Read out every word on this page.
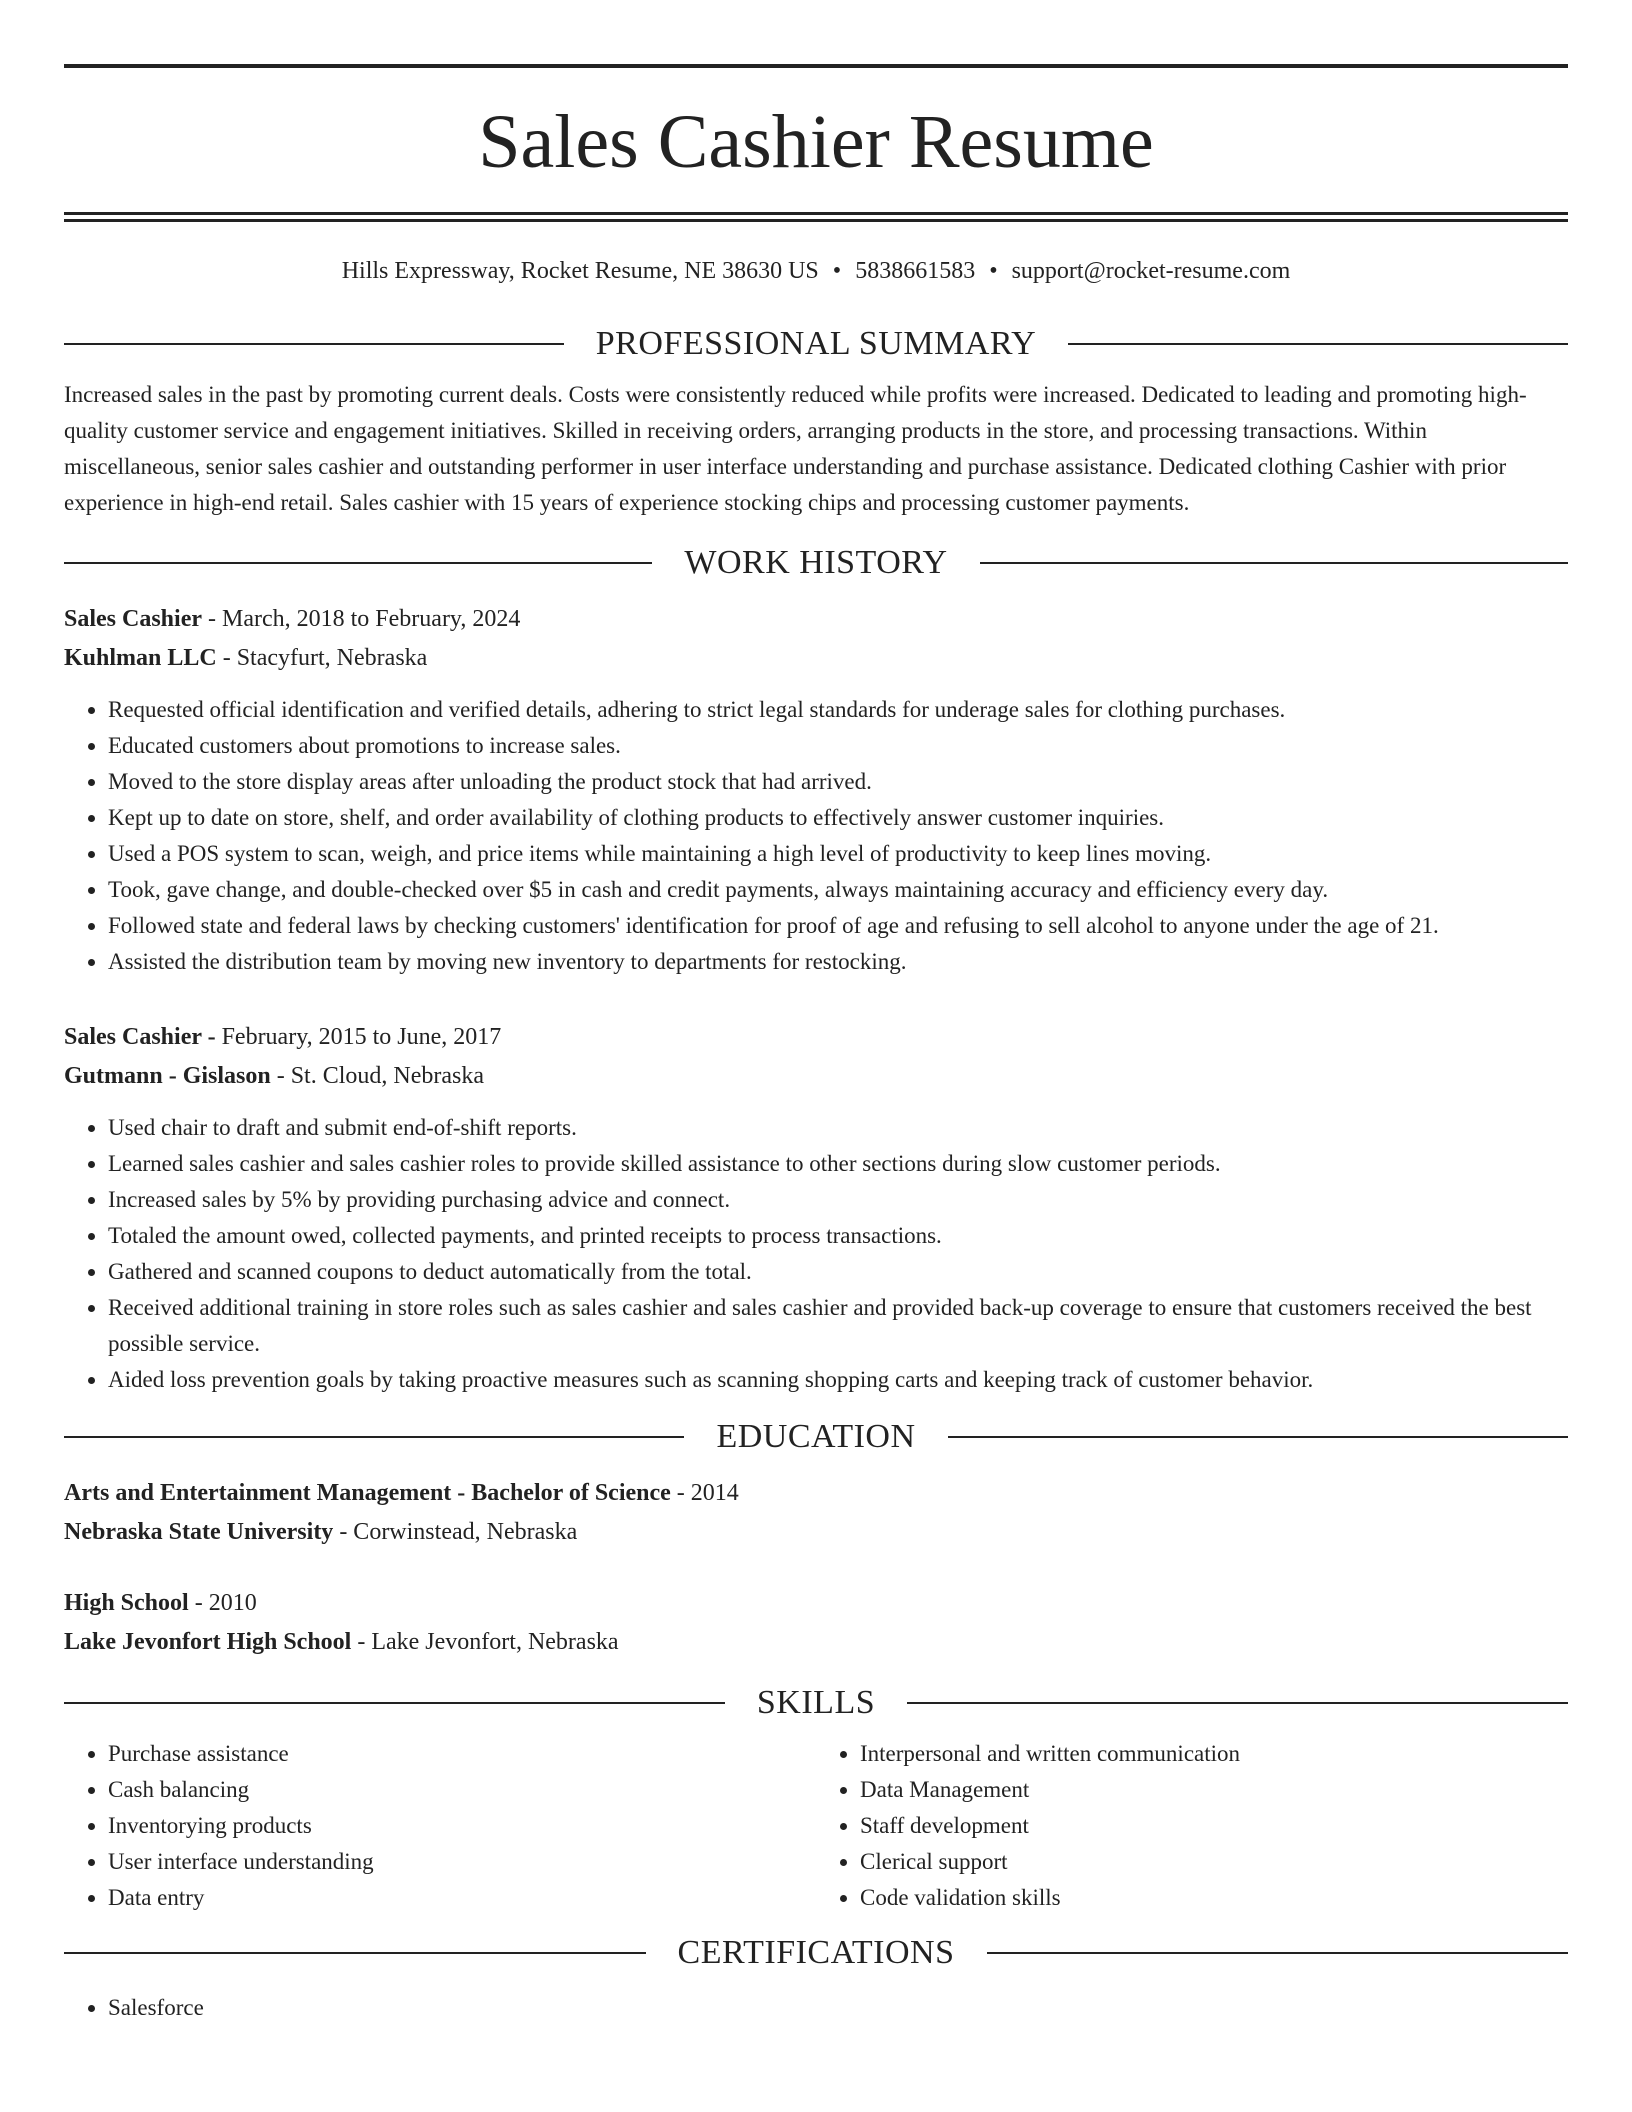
Sales Cashier Resume
Hills Expressway, Rocket Resume, NE 38630 US • 5838661583 • support@rocket-resume.com
PROFESSIONAL SUMMARY

Increased sales in the past by promoting current deals. Costs were consistently reduced while profits were increased. Dedicated to leading and promoting high-quality customer service and engagement initiatives. Skilled in receiving orders, arranging products in the store, and processing transactions. Within miscellaneous, senior sales cashier and outstanding performer in user interface understanding and purchase assistance. Dedicated clothing Cashier with prior experience in high-end retail. Sales cashier with 15 years of experience stocking chips and processing customer payments.

WORK HISTORY
Sales Cashier - March, 2018 to February, 2024
Kuhlman LLC - Stacyfurt, Nebraska
• Requested official identification and verified details, adhering to strict legal standards for underage sales for clothing purchases.
• Educated customers about promotions to increase sales.
• Moved to the store display areas after unloading the product stock that had arrived.
• Kept up to date on store, shelf, and order availability of clothing products to effectively answer customer inquiries.
• Used a POS system to scan, weigh, and price items while maintaining a high level of productivity to keep lines moving.
• Took, gave change, and double-checked over $5 in cash and credit payments, always maintaining accuracy and efficiency every day.
• Followed state and federal laws by checking customers' identification for proof of age and refusing to sell alcohol to anyone under the age of 21.
• Assisted the distribution team by moving new inventory to departments for restocking.
Sales Cashier - February, 2015 to June, 2017
Gutmann - Gislason - St. Cloud, Nebraska
• Used chair to draft and submit end-of-shift reports.
• Learned sales cashier and sales cashier roles to provide skilled assistance to other sections during slow customer periods.
• Increased sales by 5% by providing purchasing advice and connect.
• Totaled the amount owed, collected payments, and printed receipts to process transactions.
• Gathered and scanned coupons to deduct automatically from the total.
• Received additional training in store roles such as sales cashier and sales cashier and provided back-up coverage to ensure that customers received the best possible service.
• Aided loss prevention goals by taking proactive measures such as scanning shopping carts and keeping track of customer behavior.
EDUCATION
Arts and Entertainment Management - Bachelor of Science - 2014
Nebraska State University - Corwinstead, Nebraska
High School - 2010
Lake Jevonfort High School - Lake Jevonfort, Nebraska
SKILLS
• Purchase assistance
• Cash balancing
• Inventorying products
• User interface understanding
• Data entry
• Interpersonal and written communication
• Data Management
• Staff development
• Clerical support
• Code validation skills
CERTIFICATIONS
• Salesforce
